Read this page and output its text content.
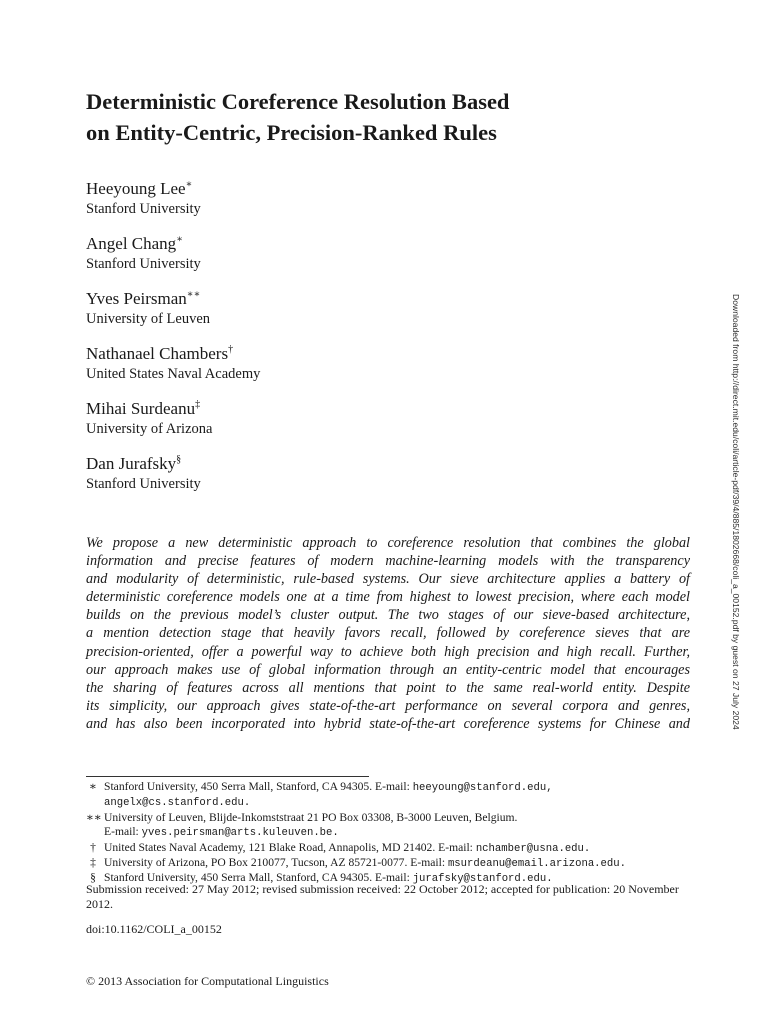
Deterministic Coreference Resolution Based
on Entity-Centric, Precision-Ranked Rules
Heeyoung Lee∗
Stanford University
Angel Chang∗
Stanford University
Yves Peirsman∗∗
University of Leuven
Nathanael Chambers†
United States Naval Academy
Mihai Surdeanu‡
University of Arizona
Dan Jurafsky§
Stanford University
We propose a new deterministic approach to coreference resolution that combines the global
information and precise features of modern machine-learning models with the transparency
and modularity of deterministic, rule-based systems. Our sieve architecture applies a battery of
deterministic coreference models one at a time from highest to lowest precision, where each model
builds on the previous model’s cluster output. The two stages of our sieve-based architecture,
a mention detection stage that heavily favors recall, followed by coreference sieves that are
precision-oriented, offer a powerful way to achieve both high precision and high recall. Further,
our approach makes use of global information through an entity-centric model that encourages
the sharing of features across all mentions that point to the same real-world entity. Despite
its simplicity, our approach gives state-of-the-art performance on several corpora and genres,
and has also been incorporated into hybrid state-of-the-art coreference systems for Chinese and
∗ Stanford University, 450 Serra Mall, Stanford, CA 94305. E-mail: heeyoung@stanford.edu,
angelx@cs.stanford.edu.
∗∗ University of Leuven, Blijde-Inkomststraat 21 PO Box 03308, B-3000 Leuven, Belgium.
E-mail: yves.peirsman@arts.kuleuven.be.
† United States Naval Academy, 121 Blake Road, Annapolis, MD 21402. E-mail: nchamber@usna.edu.
‡ University of Arizona, PO Box 210077, Tucson, AZ 85721-0077. E-mail: msurdeanu@email.arizona.edu.
§ Stanford University, 450 Serra Mall, Stanford, CA 94305. E-mail: jurafsky@stanford.edu.
Submission received: 27 May 2012; revised submission received: 22 October 2012; accepted for publication: 20 November 2012.
doi:10.1162/COLI_a_00152
© 2013 Association for Computational Linguistics
Downloaded from http://direct.mit.edu/coli/article-pdf/39/4/885/1802668/coli_a_00152.pdf by guest on 27 July 2024
